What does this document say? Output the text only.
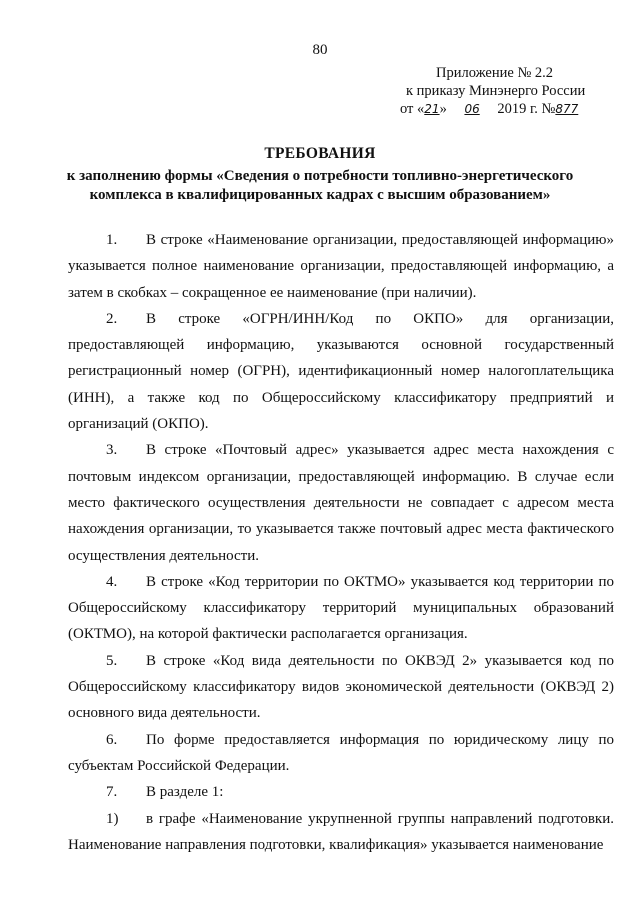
80
Приложение № 2.2
к приказу Минэнерго России
от «21» 06 2019 г. №877
ТРЕБОВАНИЯ
к заполнению формы «Сведения о потребности топливно-энергетического
комплекса в квалифицированных кадрах с высшим образованием»

1. В строке «Наименование организации, предоставляющей информацию» указывается полное наименование организации, предоставляющей информацию, а затем в скобках – сокращенное ее наименование (при наличии).

2. В строке «ОГРН/ИНН/Код по ОКПО» для организации, предоставляющей информацию, указываются основной государственный регистрационный номер (ОГРН), идентификационный номер налогоплательщика (ИНН), а также код по Общероссийскому классификатору предприятий и организаций (ОКПО).

3. В строке «Почтовый адрес» указывается адрес места нахождения с почтовым индексом организации, предоставляющей информацию. В случае если место фактического осуществления деятельности не совпадает с адресом места нахождения организации, то указывается также почтовый адрес места фактического осуществления деятельности.

4. В строке «Код территории по ОКТМО» указывается код территории по Общероссийскому классификатору территорий муниципальных образований (ОКТМО), на которой фактически располагается организация.

5. В строке «Код вида деятельности по ОКВЭД 2» указывается код по Общероссийскому классификатору видов экономической деятельности (ОКВЭД 2) основного вида деятельности.

6. По форме предоставляется информация по юридическому лицу по субъектам Российской Федерации.

7. В разделе 1:

1) в графе «Наименование укрупненной группы направлений подготовки. Наименование направления подготовки, квалификация» указывается наименование
